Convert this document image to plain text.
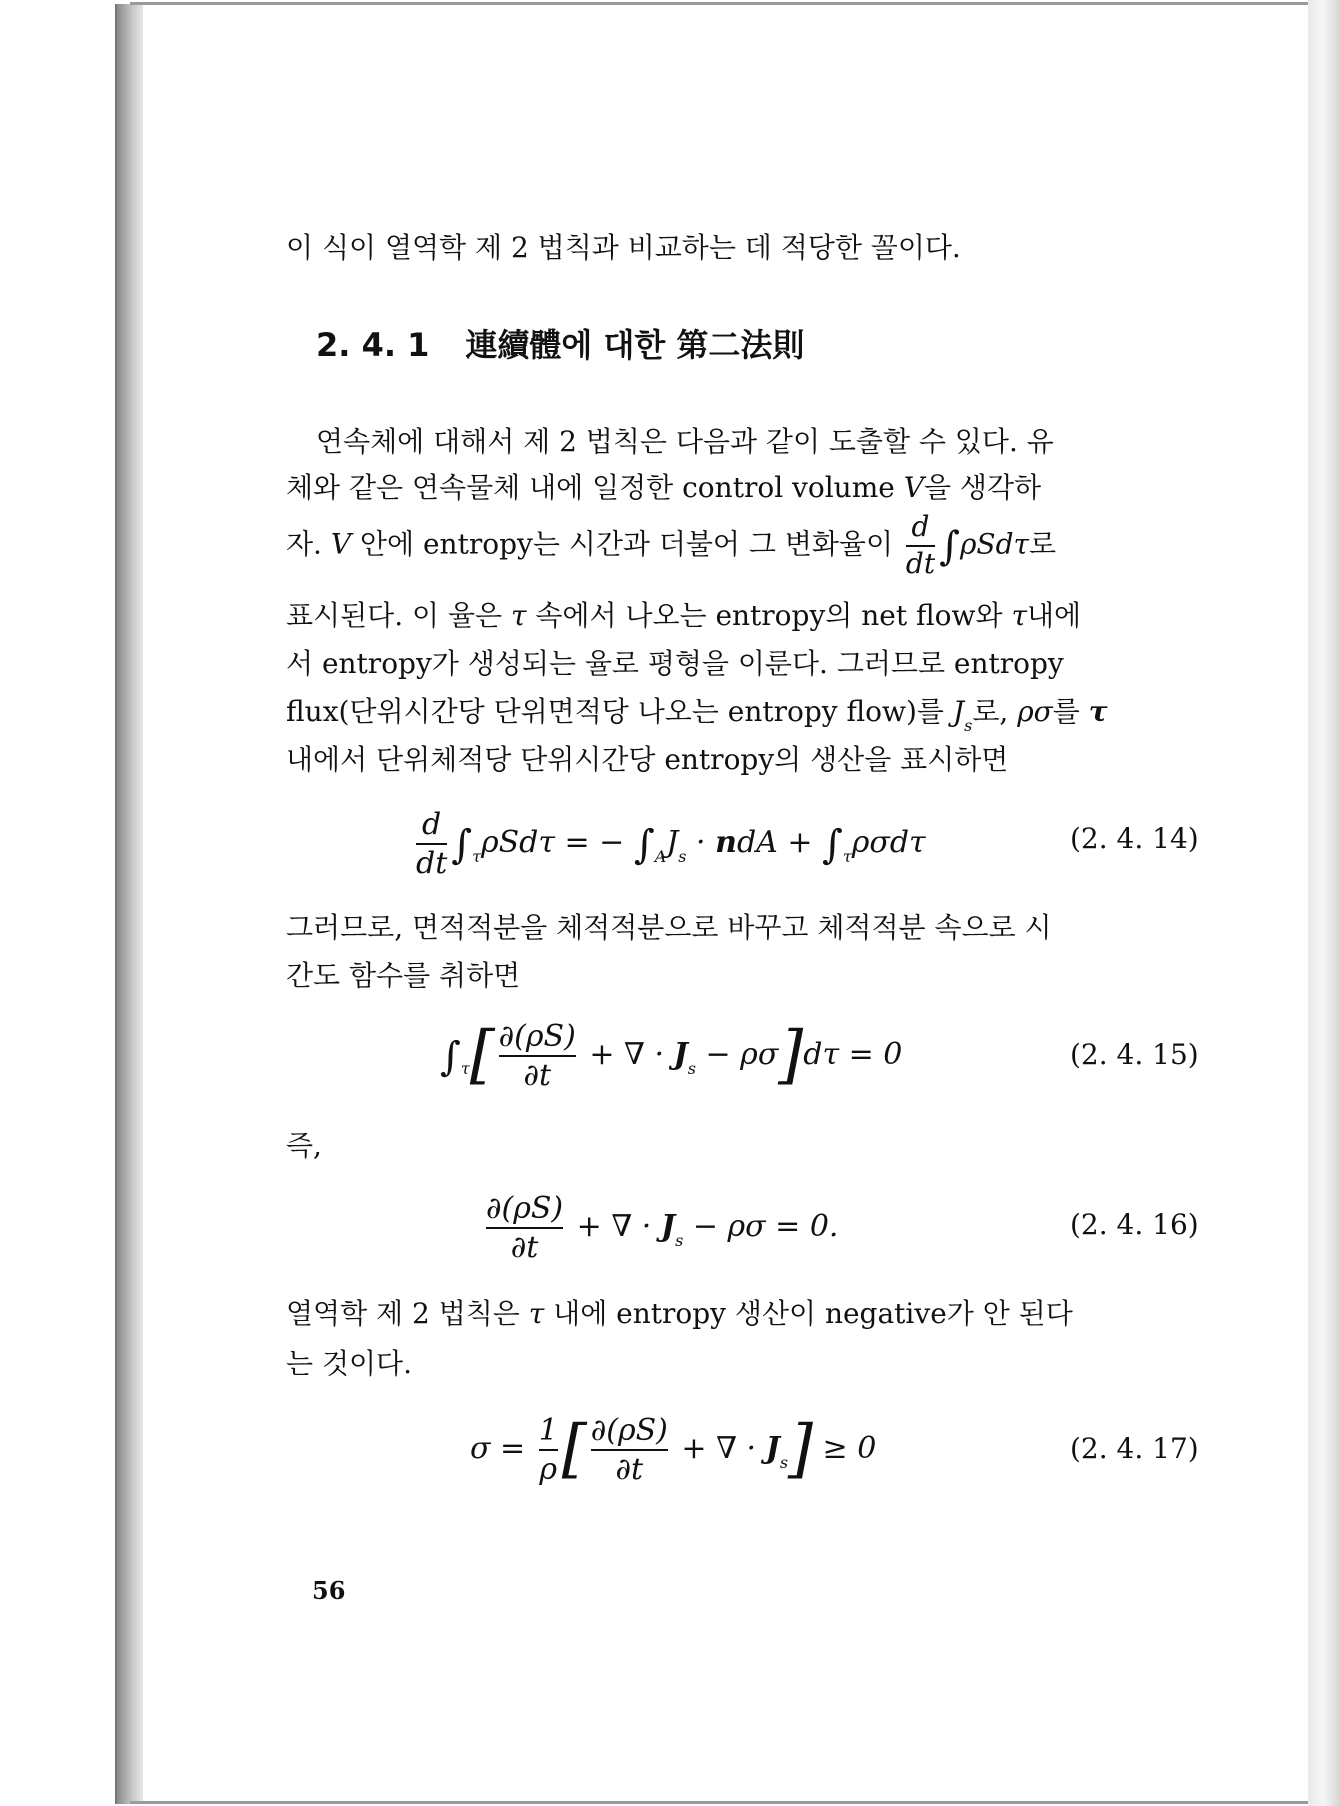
이 식이 열역학 제 2 법칙과 비교하는 데 적당한 꼴이다.
2. 4. 1 連續體에 대한 第二法則
연속체에 대해서 제 2 법칙은 다음과 같이 도출할 수 있다. 유
체와 같은 연속물체 내에 일정한 control volume V을 생각하
자. V 안에 entropy는 시간과 더불어 그 변화율이 $\frac{d}{dt} \int\rho Sd\tau$로
표시된다. 이 율은 τ 속에서 나오는 entropy의 net flow와 τ내에
서 entropy가 생성되는 율로 평형을 이룬다. 그러므로 entropy
flux(단위시간당 단위면적당 나오는 entropy flow)를 $J_s$로, ρσ를 τ
내에서 단위체적당 단위시간당 entropy의 생산을 표시하면
$\frac{d}{dt} \int_\tau\rho Sd\tau$ = − $\int_AJ_s$ · ndA + $\int_\tau\rho\sigma d\tau$	(2. 4. 14)
그러므로, 면적적분을 체적적분으로 바꾸고 체적적분 속으로 시
간도 함수를 취하면
$\int_\tau[ \frac{\partial(\rho S)}{\partial t}$ + ∇ · $J_s - \rho\sigma]d\tau = 0$	(2. 4. 15)
즉,
$\frac{\partial(\rho S)}{\partial t}$ + ∇ · $J_s - \rho\sigma = 0$.	(2. 4. 16)
열역학 제 2 법칙은 τ 내에 entropy 생산이 negative가 안 된다
는 것이다.
$\sigma = \frac{1}{\rho}$ [ $\frac{\partial(\rho S)}{\partial t}$ + ∇ · $J_s] \ge 0$	(2. 4. 17)
56
